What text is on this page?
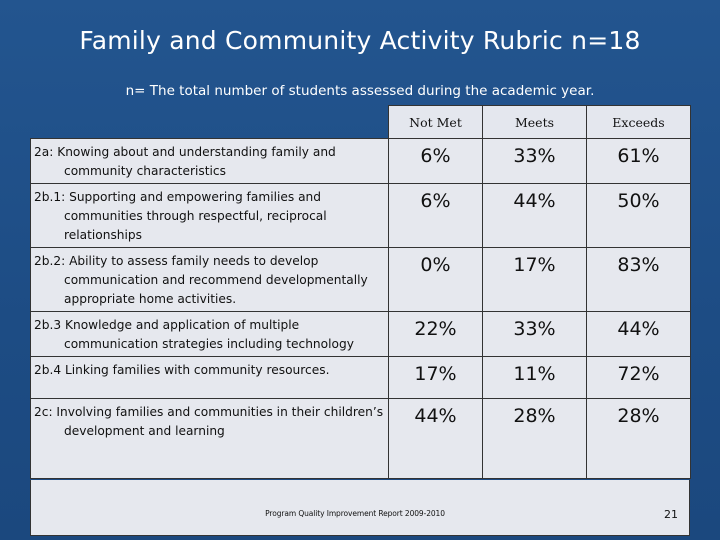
Family and Community Activity Rubric n=18
n= The total number of students assessed during the academic year.
	Not Met	Meets	Exceeds

2a: Knowing about and understanding family and community characteristics	6%	33%	61%

2b.1: Supporting and empowering families and communities through respectful, reciprocal relationships	6%	44%	50%

2b.2: Ability to assess family needs to develop communication and recommend developmentally appropriate home activities.	0%	17%	83%

2b.3 Knowledge and application of multiple communication strategies including technology	22%	33%	44%

2b.4 Linking families with community resources.	17%	11%	72%

2c: Involving families and communities in their children’s development and learning	44%	28%	28%
Program Quality Improvement Report 2009-2010	21
